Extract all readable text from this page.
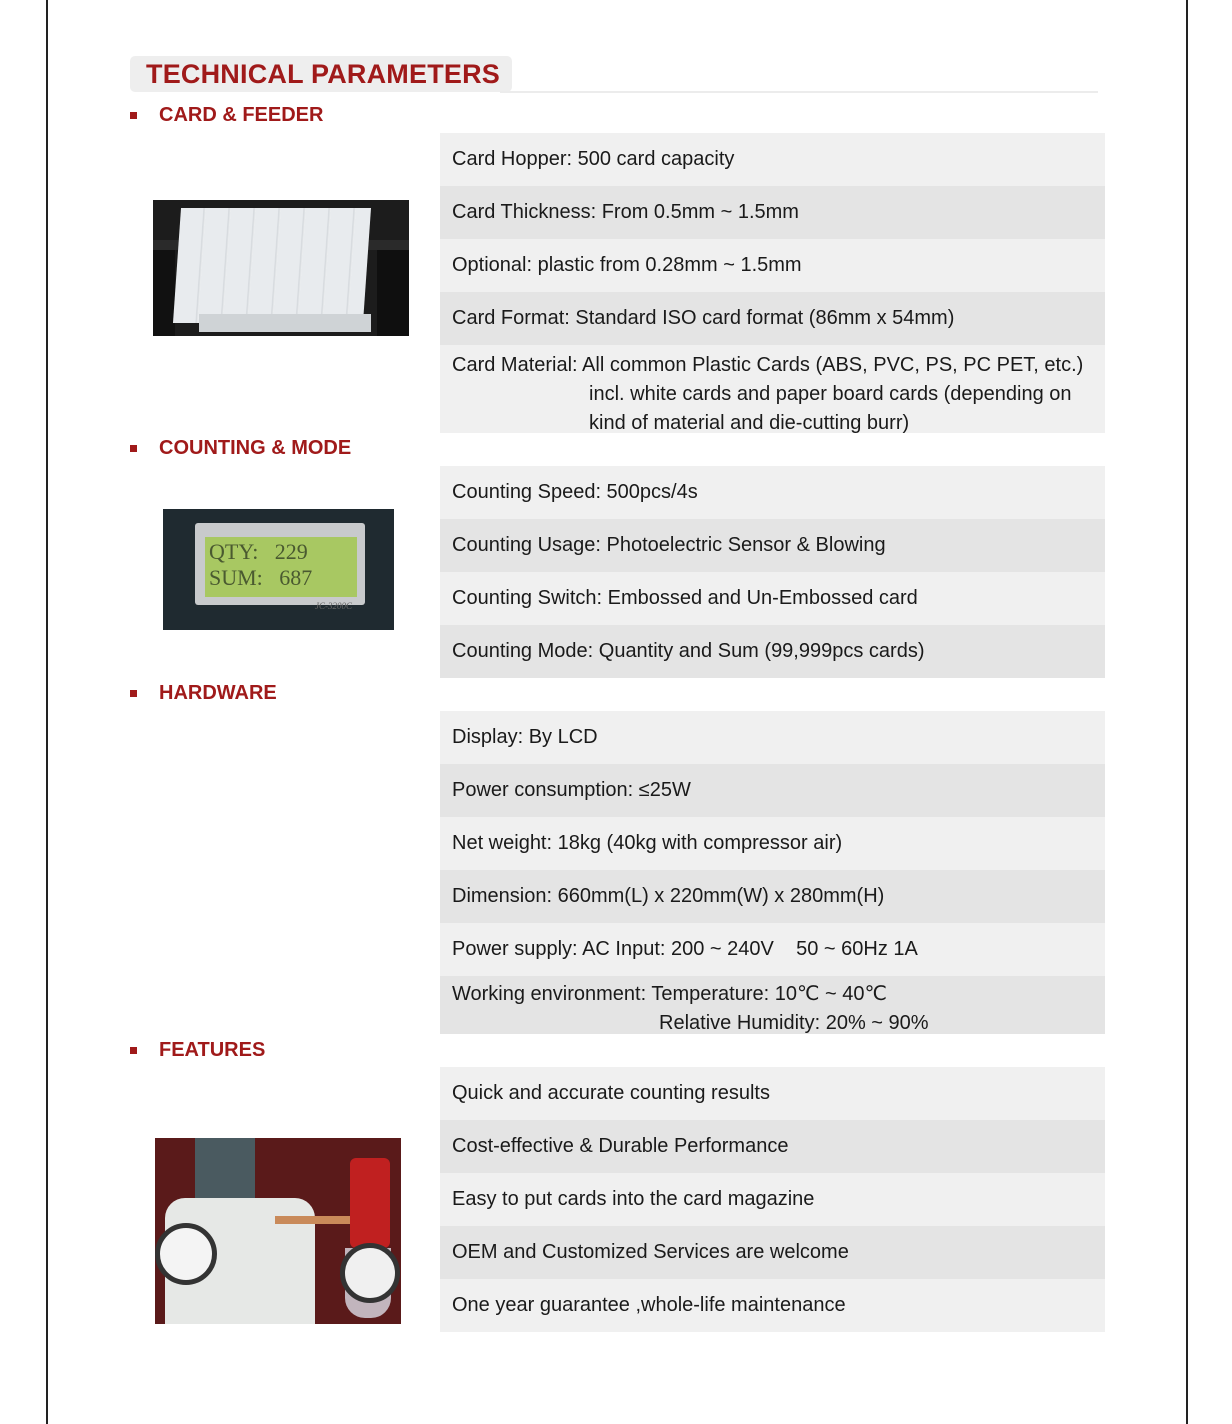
TECHNICAL PARAMETERS
CARD & FEEDER
Card Hopper: 500 card capacity
Card Thickness: From 0.5mm ~ 1.5mm
Optional: plastic from 0.28mm ~ 1.5mm
Card Format: Standard ISO card format (86mm x 54mm)
Card Material: All common Plastic Cards (ABS, PVC, PS, PC PET, etc.)
incl. white cards and paper board cards (depending on
kind of material and die-cutting burr)
COUNTING & MODE
QTY:   229
SUM:   687
JC-3200C
Counting Speed: 500pcs/4s
Counting Usage: Photoelectric Sensor & Blowing
Counting Switch: Embossed and Un-Embossed card
Counting Mode: Quantity and Sum (99,999pcs cards)
HARDWARE
Display: By LCD
Power consumption: ≤25W
Net weight: 18kg (40kg with compressor air)
Dimension: 660mm(L) x 220mm(W) x 280mm(H)
Power supply: AC Input: 200 ~ 240V    50 ~ 60Hz 1A
Working environment: Temperature: 10℃ ~ 40℃
Relative Humidity: 20% ~ 90%
FEATURES
Quick and accurate counting results
Cost-effective & Durable Performance
Easy to put cards into the card magazine
OEM and Customized Services are welcome
One year guarantee ,whole-life maintenance
